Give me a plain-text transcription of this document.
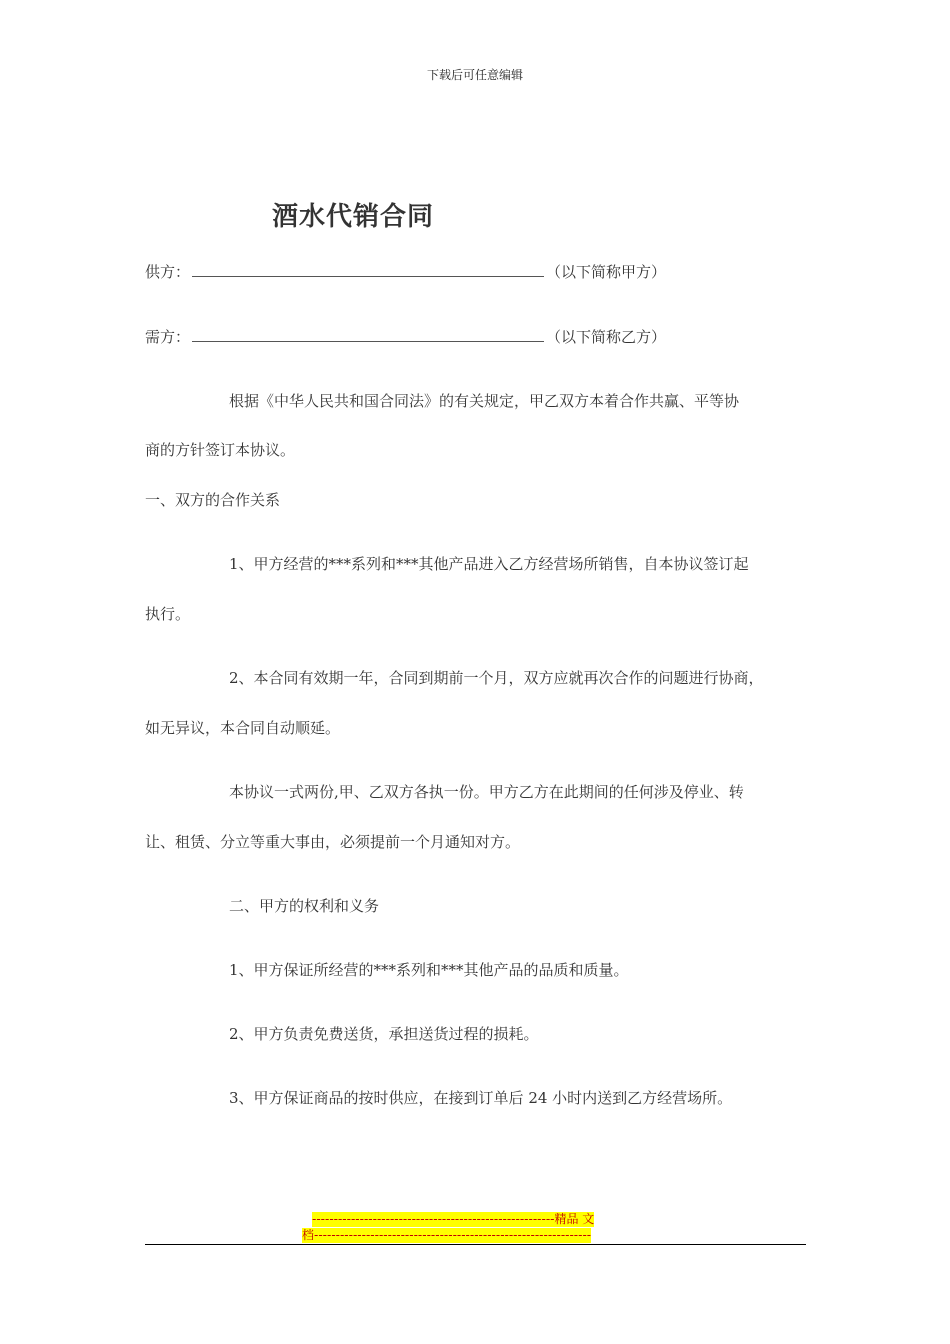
下载后可任意编辑
酒水代销合同
供方：	（以下简称甲方）
需方：	（以下简称乙方）
根据《中华人民共和国合同法》的有关规定，甲乙双方本着合作共赢、平等协
商的方针签订本协议。
一、双方的合作关系
1、甲方经营的***系列和***其他产品进入乙方经营场所销售，自本协议签订起
执行。
2、本合同有效期一年，合同到期前一个月，双方应就再次合作的问题进行协商，
如无异议，本合同自动顺延。
本协议一式两份,甲、乙双方各执一份。甲方乙方在此期间的任何涉及停业、转
让、租赁、分立等重大事由，必须提前一个月通知对方。
二、甲方的权利和义务
1、甲方保证所经营的***系列和***其他产品的品质和质量。
2、甲方负责免费送货，承担送货过程的损耗。
3、甲方保证商品的按时供应，在接到订单后 24 小时内送到乙方经营场所。
--------------------------------------------------------精品 文
档----------------------------------------------------------------
